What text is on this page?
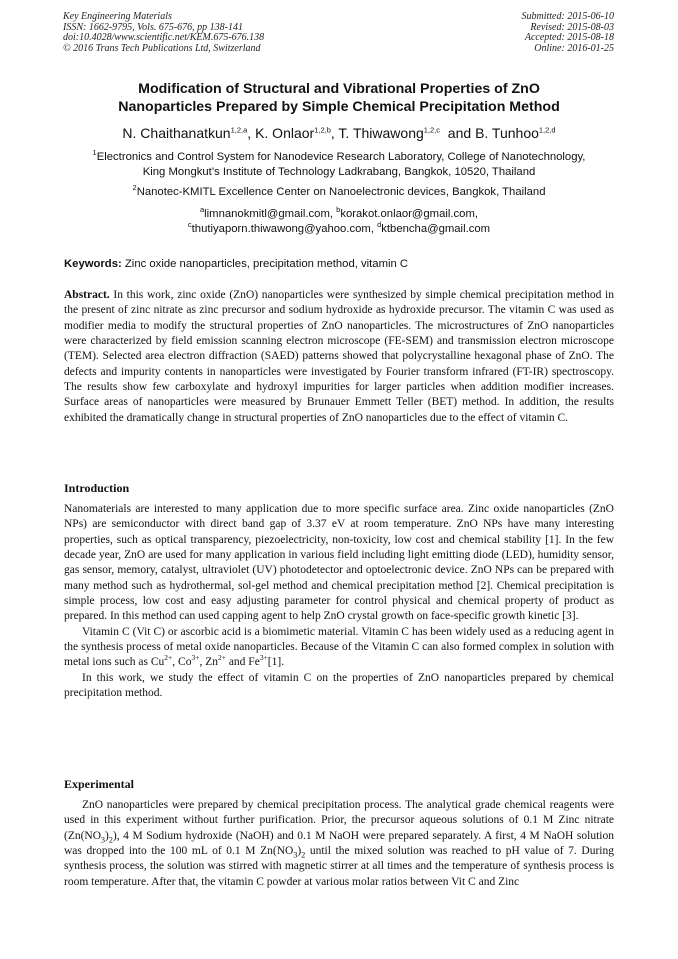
Key Engineering Materials
ISSN: 1662-9795, Vols. 675-676, pp 138-141
doi:10.4028/www.scientific.net/KEM.675-676.138
© 2016 Trans Tech Publications Ltd, Switzerland
Submitted: 2015-06-10
Revised: 2015-08-03
Accepted: 2015-08-18
Online: 2016-01-25
Modification of Structural and Vibrational Properties of ZnO
Nanoparticles Prepared by Simple Chemical Precipitation Method
N. Chaithanatkun$^{1,2,a}$, K. Onlaor$^{1,2,b}$, T. Thiwawong$^{1,2,c}$  and B. Tunhoo$^{1,2,d}$
$^1$Electronics and Control System for Nanodevice Research Laboratory, College of Nanotechnology,
King Mongkut’s Institute of Technology Ladkrabang, Bangkok, 10520, Thailand
$^2$Nanotec-KMITL Excellence Center on Nanoelectronic devices, Bangkok, Thailand
$^a$limnanokmitl@gmail.com, $^b$korakot.onlaor@gmail.com,
$^c$thutiyaporn.thiwawong@yahoo.com, $^d$ktbencha@gmail.com
Keywords: Zinc oxide nanoparticles, precipitation method, vitamin C
Abstract. In this work, zinc oxide (ZnO) nanoparticles were synthesized by simple chemical precipitation method in the present of zinc nitrate as zinc precursor and sodium hydroxide as hydroxide precursor. The vitamin C was used as modifier media to modify the structural properties of ZnO nanoparticles. The microstructures of ZnO nanoparticles were characterized by field emission scanning electron microscope (FE-SEM) and transmission electron microscope (TEM). Selected area electron diffraction (SAED) patterns showed that polycrystalline hexagonal phase of ZnO. The defects and impurity contents in nanoparticles were investigated by Fourier transform infrared (FT-IR) spectroscopy. The results show few carboxylate and hydroxyl impurities for larger particles when addition modifier increases. Surface areas of nanoparticles were measured by Brunauer Emmett Teller (BET) method. In addition, the results exhibited the dramatically change in structural properties of ZnO nanoparticles due to the effect of vitamin C.
Introduction

Nanomaterials are interested to many application due to more specific surface area. Zinc oxide nanoparticles (ZnO NPs) are semiconductor with direct band gap of 3.37 eV at room temperature. ZnO NPs have many interesting properties, such as optical transparency, piezoelectricity, non-toxicity, low cost and chemical stability [1]. In the few decade year, ZnO are used for many application in various field including light emitting diode (LED), humidity sensor, gas sensor, memory, catalyst, ultraviolet (UV) photodetector and optoelectronic device. ZnO NPs can be prepared with many method such as hydrothermal, sol-gel method and chemical precipitation method [2]. Chemical precipitation is simple process, low cost and easy adjusting parameter for control physical and chemical property of product as prepared. In this method can used capping agent to help ZnO crystal growth on face-specific growth kinetic [3].

Vitamin C (Vit C) or ascorbic acid is a biomimetic material. Vitamin C has been widely used as a reducing agent in the synthesis process of metal oxide nanoparticles. Because of the Vitamin C can also formed complex in solution with metal ions such as $Cu^{2+}$, $Co^{3+}$, $Zn^{2+}$ and $Fe^{3+}[1]$.

In this work, we study the effect of vitamin C on the properties of ZnO nanoparticles prepared by chemical precipitation method.

Experimental

ZnO nanoparticles were prepared by chemical precipitation process. The analytical grade chemical reagents were used in this experiment without further purification. Prior, the precursor aqueous solutions of 0.1 M Zinc nitrate $(Zn(NO_3)_2)$, 4 M Sodium hydroxide (NaOH) and 0.1 M NaOH were prepared separately. A first, 4 M NaOH solution was dropped into the 100 mL of 0.1 M $Zn(NO_3)_2$ until the mixed solution was reached to pH value of 7. During synthesis process, the solution was stirred with magnetic stirrer at all times and the temperature of synthesis process is room temperature. After that, the vitamin C powder at various molar ratios between Vit C and Zinc
